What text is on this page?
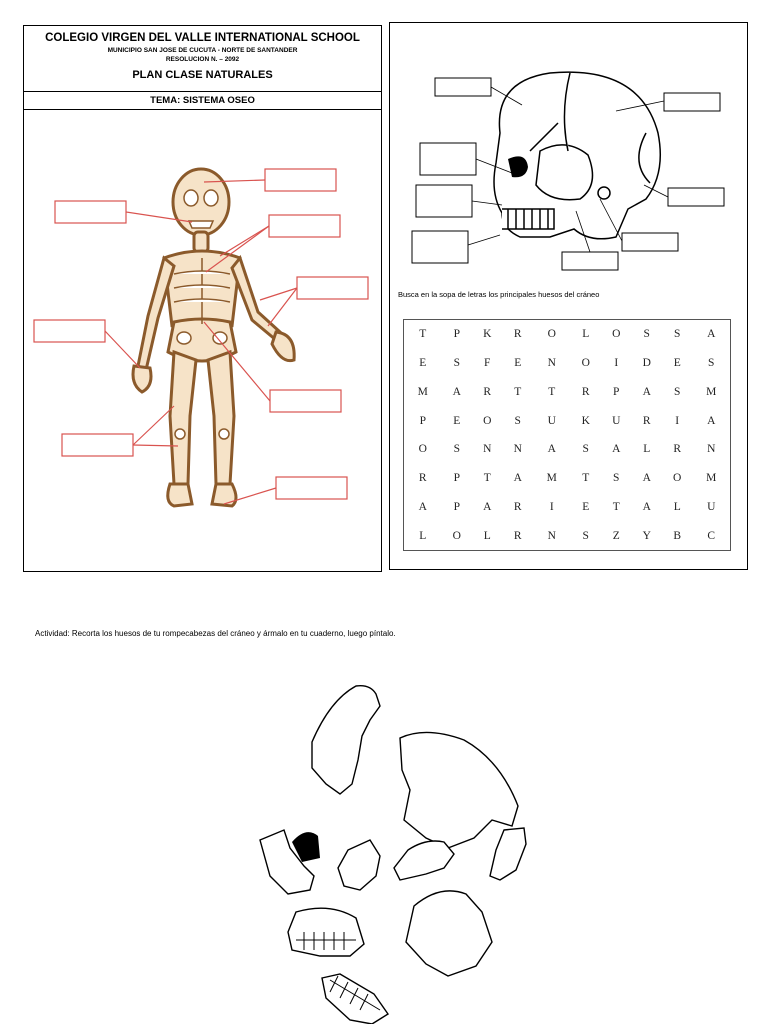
COLEGIO VIRGEN DEL VALLE INTERNATIONAL SCHOOL
MUNICIPIO SAN JOSE DE CUCUTA - NORTE DE SANTANDER
RESOLUCION N. – 2092
PLAN CLASE NATURALES
TEMA: SISTEMA OSEO
Busca en la sopa de letras los principales huesos del cráneo
T	P	K	R	O	L	O	S	S	A
E	S	F	E	N	O	I	D	E	S
M	A	R	T	T	R	P	A	S	M
P	E	O	S	U	K	U	R	I	A
O	S	N	N	A	S	A	L	R	N
R	P	T	A	M	T	S	A	O	M
A	P	A	R	I	E	T	A	L	U
L	O	L	R	N	S	Z	Y	B	C
Actividad: Recorta los huesos de tu rompecabezas del cráneo y ármalo en tu cuaderno, luego píntalo.
